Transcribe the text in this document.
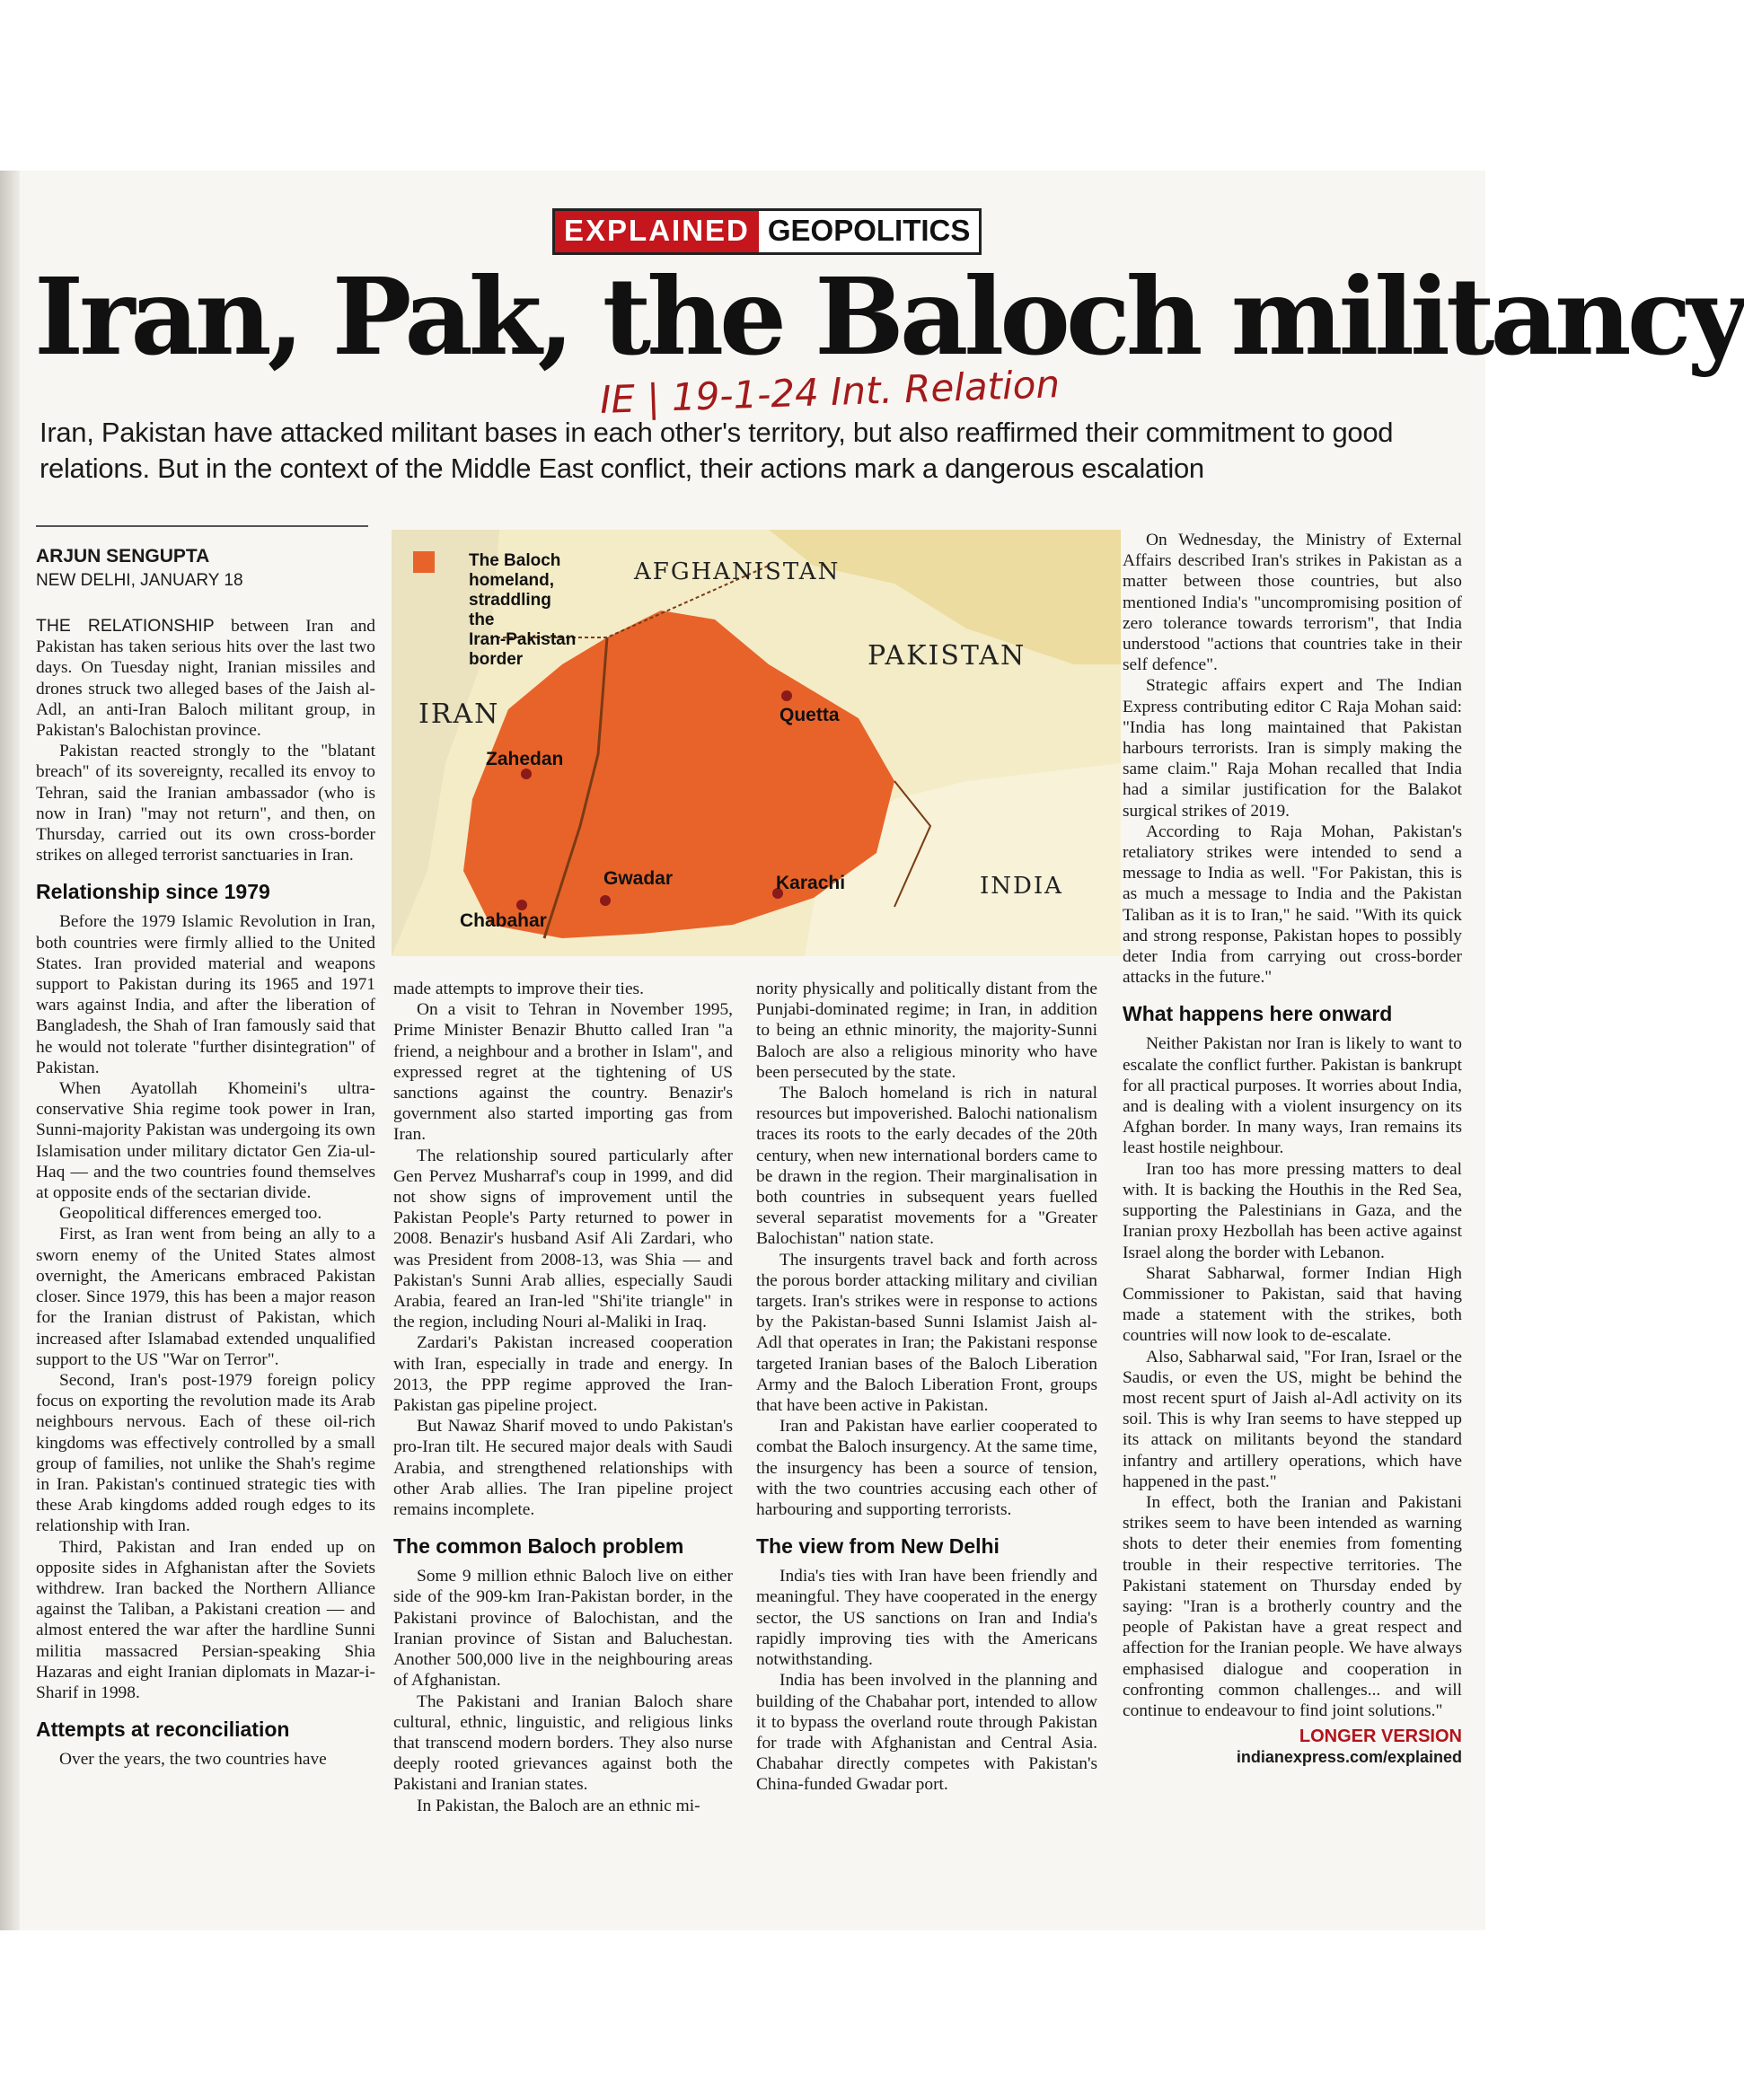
EXPLAINED GEOPOLITICS
Iran, Pak, the Baloch militancy
IE | 19-1-24 Int. Relation
Iran, Pakistan have attacked militant bases in each other's territory, but also reaffirmed their commitment to good relations. But in the context of the Middle East conflict, their actions mark a dangerous escalation
ARJUN SENGUPTA
NEW DELHI, JANUARY 18
The Baloch homeland, straddling the Iran-Pakistan border
AFGHANISTAN
PAKISTAN
IRAN
INDIA
Quetta
Zahedan
Gwadar
Chabahar
Karachi

THE RELATIONSHIP between Iran and Pakistan has taken serious hits over the last two days. On Tuesday night, Iranian missiles and drones struck two alleged bases of the Jaish al-Adl, an anti-Iran Baloch militant group, in Pakistan's Balochistan province.

Pakistan reacted strongly to the "blatant breach" of its sovereignty, recalled its envoy to Tehran, said the Iranian ambassador (who is now in Iran) "may not return", and then, on Thursday, carried out its own cross-border strikes on alleged terrorist sanctuaries in Iran.

Relationship since 1979

Before the 1979 Islamic Revolution in Iran, both countries were firmly allied to the United States. Iran provided material and weapons support to Pakistan during its 1965 and 1971 wars against India, and after the liberation of Bangladesh, the Shah of Iran famously said that he would not tolerate "further disintegration" of Pakistan.

When Ayatollah Khomeini's ultra-conservative Shia regime took power in Iran, Sunni-majority Pakistan was undergoing its own Islamisation under military dictator Gen Zia-ul-Haq — and the two countries found themselves at opposite ends of the sectarian divide.

Geopolitical differences emerged too.

First, as Iran went from being an ally to a sworn enemy of the United States almost overnight, the Americans embraced Pakistan closer. Since 1979, this has been a major reason for the Iranian distrust of Pakistan, which increased after Islamabad extended unqualified support to the US "War on Terror".

Second, Iran's post-1979 foreign policy focus on exporting the revolution made its Arab neighbours nervous. Each of these oil-rich kingdoms was effectively controlled by a small group of families, not unlike the Shah's regime in Iran. Pakistan's continued strategic ties with these Arab kingdoms added rough edges to its relationship with Iran.

Third, Pakistan and Iran ended up on opposite sides in Afghanistan after the Soviets withdrew. Iran backed the Northern Alliance against the Taliban, a Pakistani creation — and almost entered the war after the hardline Sunni militia massacred Persian-speaking Shia Hazaras and eight Iranian diplomats in Mazar-i-Sharif in 1998.

Attempts at reconciliation

Over the years, the two countries have

made attempts to improve their ties.

On a visit to Tehran in November 1995, Prime Minister Benazir Bhutto called Iran "a friend, a neighbour and a brother in Islam", and expressed regret at the tightening of US sanctions against the country. Benazir's government also started importing gas from Iran.

The relationship soured particularly after Gen Pervez Musharraf's coup in 1999, and did not show signs of improvement until the Pakistan People's Party returned to power in 2008. Benazir's husband Asif Ali Zardari, who was President from 2008-13, was Shia — and Pakistan's Sunni Arab allies, especially Saudi Arabia, feared an Iran-led "Shi'ite triangle" in the region, including Nouri al-Maliki in Iraq.

Zardari's Pakistan increased cooperation with Iran, especially in trade and energy. In 2013, the PPP regime approved the Iran-Pakistan gas pipeline project.

But Nawaz Sharif moved to undo Pakistan's pro-Iran tilt. He secured major deals with Saudi Arabia, and strengthened relationships with other Arab allies. The Iran pipeline project remains incomplete.

The common Baloch problem

Some 9 million ethnic Baloch live on either side of the 909-km Iran-Pakistan border, in the Pakistani province of Balochistan, and the Iranian province of Sistan and Baluchestan. Another 500,000 live in the neighbouring areas of Afghanistan.

The Pakistani and Iranian Baloch share cultural, ethnic, linguistic, and religious links that transcend modern borders. They also nurse deeply rooted grievances against both the Pakistani and Iranian states.

In Pakistan, the Baloch are an ethnic mi-

nority physically and politically distant from the Punjabi-dominated regime; in Iran, in addition to being an ethnic minority, the majority-Sunni Baloch are also a religious minority who have been persecuted by the state.

The Baloch homeland is rich in natural resources but impoverished. Balochi nationalism traces its roots to the early decades of the 20th century, when new international borders came to be drawn in the region. Their marginalisation in both countries in subsequent years fuelled several separatist movements for a "Greater Balochistan" nation state.

The insurgents travel back and forth across the porous border attacking military and civilian targets. Iran's strikes were in response to actions by the Pakistan-based Sunni Islamist Jaish al-Adl that operates in Iran; the Pakistani response targeted Iranian bases of the Baloch Liberation Army and the Baloch Liberation Front, groups that have been active in Pakistan.

Iran and Pakistan have earlier cooperated to combat the Baloch insurgency. At the same time, the insurgency has been a source of tension, with the two countries accusing each other of harbouring and supporting terrorists.

The view from New Delhi

India's ties with Iran have been friendly and meaningful. They have cooperated in the energy sector, the US sanctions on Iran and India's rapidly improving ties with the Americans notwithstanding.

India has been involved in the planning and building of the Chabahar port, intended to allow it to bypass the overland route through Pakistan for trade with Afghanistan and Central Asia. Chabahar directly competes with Pakistan's China-funded Gwadar port.

On Wednesday, the Ministry of External Affairs described Iran's strikes in Pakistan as a matter between those countries, but also mentioned India's "uncompromising position of zero tolerance towards terrorism", that India understood "actions that countries take in their self defence".

Strategic affairs expert and The Indian Express contributing editor C Raja Mohan said: "India has long maintained that Pakistan harbours terrorists. Iran is simply making the same claim." Raja Mohan recalled that India had a similar justification for the Balakot surgical strikes of 2019.

According to Raja Mohan, Pakistan's retaliatory strikes were intended to send a message to India as well. "For Pakistan, this is as much a message to India and the Pakistan Taliban as it is to Iran," he said. "With its quick and strong response, Pakistan hopes to possibly deter India from carrying out cross-border attacks in the future."

What happens here onward

Neither Pakistan nor Iran is likely to want to escalate the conflict further. Pakistan is bankrupt for all practical purposes. It worries about India, and is dealing with a violent insurgency on its Afghan border. In many ways, Iran remains its least hostile neighbour.

Iran too has more pressing matters to deal with. It is backing the Houthis in the Red Sea, supporting the Palestinians in Gaza, and the Iranian proxy Hezbollah has been active against Israel along the border with Lebanon.

Sharat Sabharwal, former Indian High Commissioner to Pakistan, said that having made a statement with the strikes, both countries will now look to de-escalate.

Also, Sabharwal said, "For Iran, Israel or the Saudis, or even the US, might be behind the most recent spurt of Jaish al-Adl activity on its soil. This is why Iran seems to have stepped up its attack on militants beyond the standard infantry and artillery operations, which have happened in the past."

In effect, both the Iranian and Pakistani strikes seem to have been intended as warning shots to deter their enemies from fomenting trouble in their respective territories. The Pakistani statement on Thursday ended by saying: "Iran is a brotherly country and the people of Pakistan have a great respect and affection for the Iranian people. We have always emphasised dialogue and cooperation in confronting common challenges... and will continue to endeavour to find joint solutions."

LONGER VERSION
indianexpress.com/explained
